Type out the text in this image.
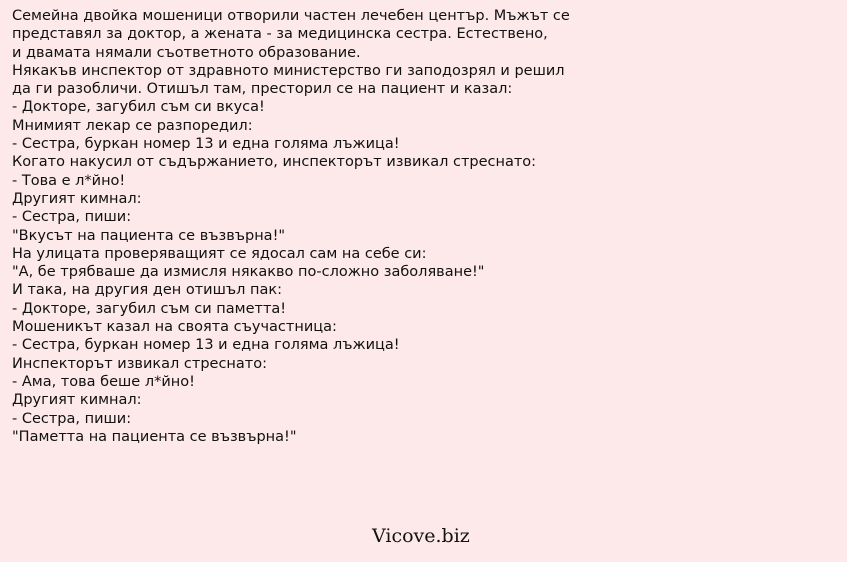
Семейна двойка мошеници отворили частен лечебен център. Мъжът се
представял за доктор, а жената - за медицинска сестра. Естествено,
и двамата нямали съответното образование.
Някакъв инспектор от здравното министерство ги заподозрял и решил
да ги разобличи. Отишъл там, престорил се на пациент и казал:
- Докторе, загубил съм си вкуса!
Мнимият лекар се разпоредил:
- Сестра, буркан номер 13 и една голяма лъжица!
Когато накусил от съдържанието, инспекторът извикал стреснато:
- Това е л*йно!
Другият кимнал:
- Сестра, пиши:
"Вкусът на пациента се възвърна!"
На улицата проверяващият се ядосал сам на себе си:
"А, бе трябваше да измисля някакво по-сложно заболяване!"
И така, на другия ден отишъл пак:
- Докторе, загубил съм си паметта!
Мошеникът казал на своята съучастница:
- Сестра, буркан номер 13 и една голяма лъжица!
Инспекторът извикал стреснато:
- Ама, това беше л*йно!
Другият кимнал:
- Сестра, пиши:
"Паметта на пациента се възвърна!"
Vicove.biz
